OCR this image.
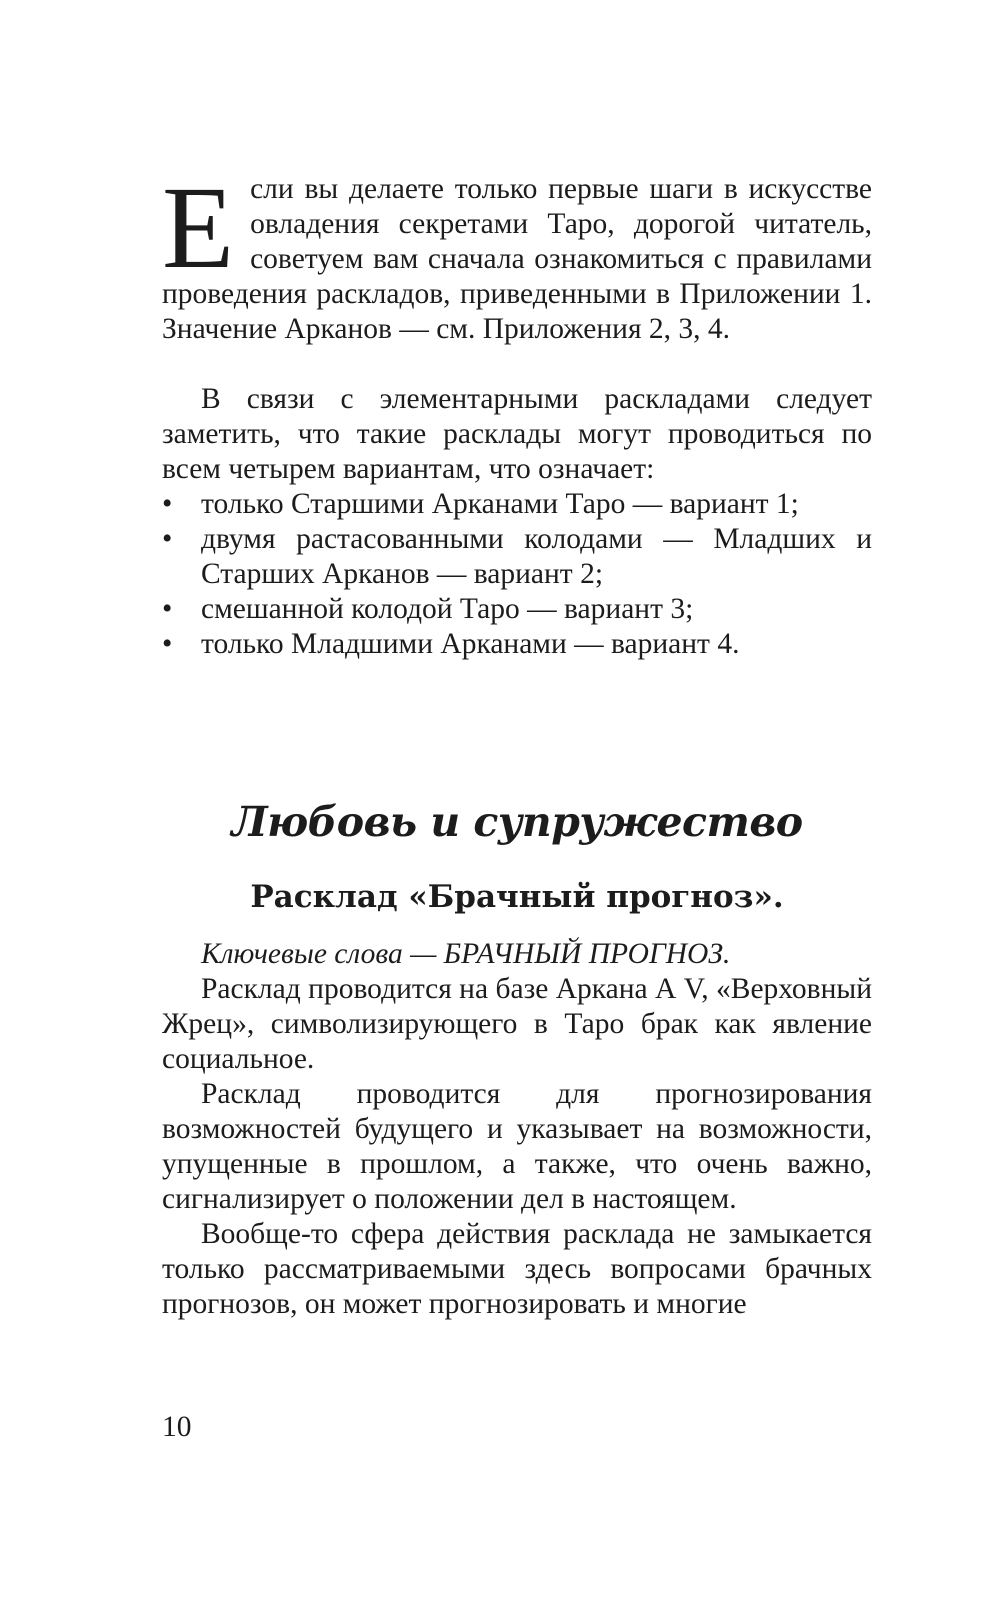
Е сли вы делаете только первые шаги в искусстве овладения секретами Таро, дорогой читатель, советуем вам сначала ознакомиться с правилами проведения раскладов, приведенными в Приложении 1. Значение Арканов — см. Приложения 2, 3, 4.

В связи с элементарными раскладами следует заметить, что такие расклады могут проводиться по всем четырем вариантам, что означает:

• только Старшими Арканами Таро — вариант 1;
• двумя растасованными колодами — Младших и Старших Арканов — вариант 2;
• смешанной колодой Таро — вариант 3;
• только Младшими Арканами — вариант 4.
Любовь и супружество
Расклад «Брачный прогноз».

Ключевые слова — БРАЧНЫЙ ПРОГНОЗ.

Расклад проводится на базе Аркана А V, «Верховный Жрец», символизирующего в Таро брак как явление социальное.

Расклад проводится для прогнозирования возможностей будущего и указывает на возможности, упущенные в прошлом, а также, что очень важно, сигнализирует о положении дел в настоящем.

Вообще-то сфера действия расклада не замыкается только рассматриваемыми здесь вопросами брачных прогнозов, он может прогнозировать и многие

10
